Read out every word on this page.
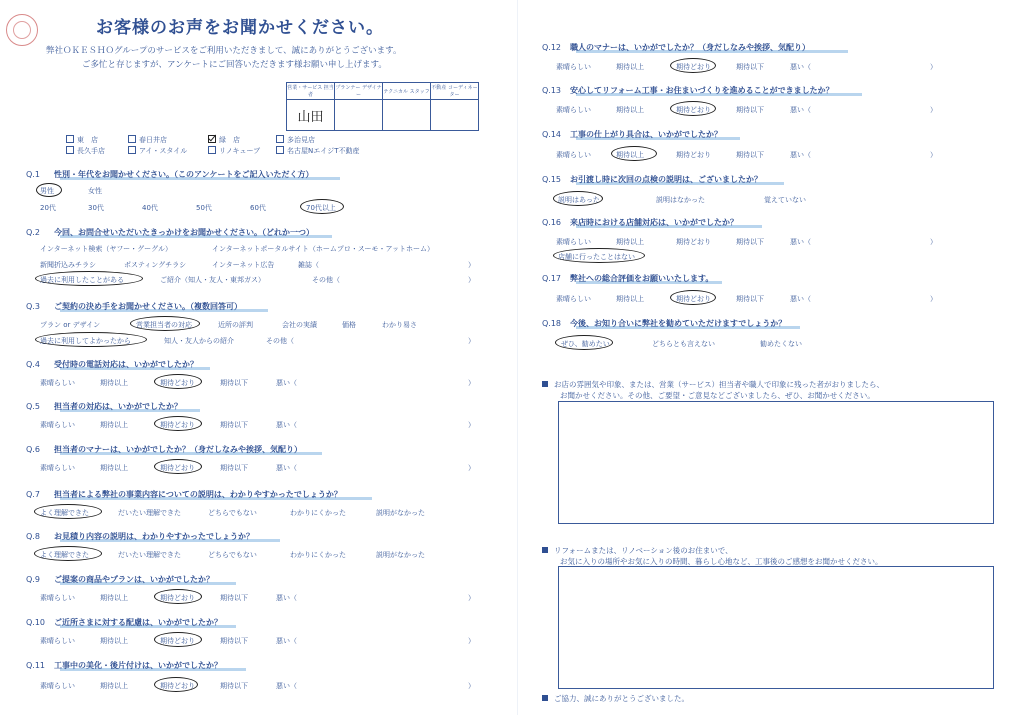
お客様のお声をお聞かせください。
弊社ＯＫＥＳＨＯグループのサービスをご利用いただきまして、誠にありがとうございます。
ご多忙と存じますが、アンケートにご回答いただきます様お願い申し上げます。
営業・サービス 担当者	プランナー デザイナー	テクニカル スタッフ	不動産 コーディネーター
山田			
東　店	春日井店	緑　店	多治見店
長久手店	アイ・スタイル	リノキューブ	名古屋NエイジT不動産
Q.1 性別・年代をお聞かせください。（このアンケートをご記入いただく方）
男性	女性
20代	30代	40代	50代	60代	70代以上
Q.2 今回、お問合せいただいたきっかけをお聞かせください。（どれか一つ）
インターネット検索（ヤフー・グーグル）	インターネットポータルサイト（ホームプロ・スーモ・アットホーム）
新聞折込みチラシ	ポスティングチラシ	インターネット広告	雑誌（	）
過去に利用したことがある	ご紹介（知人・友人・東邦ガス）	その他（	）
Q.3 ご契約の決め手をお聞かせください。（複数回答可）
プラン or デザイン	営業担当者の対応	近所の評判	会社の実績	価格	わかり易さ
過去に利用してよかったから	知人・友人からの紹介	その他（	）
Q.4 受付時の電話対応は、いかがでしたか？
素晴らしい	期待以上	期待どおり	期待以下	悪い（	）
Q.5 担当者の対応は、いかがでしたか？
素晴らしい	期待以上	期待どおり	期待以下	悪い（	）
Q.6 担当者のマナーは、いかがでしたか？（身だしなみや挨拶、気配り）
素晴らしい	期待以上	期待どおり	期待以下	悪い（	）
Q.7 担当者による弊社の事業内容についての説明は、わかりやすかったでしょうか？
よく理解できた	だいたい理解できた	どちらでもない	わかりにくかった	説明がなかった
Q.8 お見積り内容の説明は、わかりやすかったでしょうか？
よく理解できた	だいたい理解できた	どちらでもない	わかりにくかった	説明がなかった
Q.9 ご提案の商品やプランは、いかがでしたか？
素晴らしい	期待以上	期待どおり	期待以下	悪い（	）
Q.10 ご近所さまに対する配慮は、いかがでしたか？
素晴らしい	期待以上	期待どおり	期待以下	悪い（	）
Q.11 工事中の美化・後片付けは、いかがでしたか？
素晴らしい	期待以上	期待どおり	期待以下	悪い（	）
Q.12 職人のマナーは、いかがでしたか？（身だしなみや挨拶、気配り）
素晴らしい	期待以上	期待どおり	期待以下	悪い（	）
Q.13 安心してリフォーム工事・お住まいづくりを進めることができましたか？
素晴らしい	期待以上	期待どおり	期待以下	悪い（	）
Q.14 工事の仕上がり具合は、いかがでしたか？
素晴らしい	期待以上	期待どおり	期待以下	悪い（	）
Q.15 お引渡し時に次回の点検の説明は、ございましたか？
説明はあった	説明はなかった	覚えていない
Q.16 来店時における店舗対応は、いかがでしたか？
素晴らしい	期待以上	期待どおり	期待以下	悪い（	）
店舗に行ったことはない
Q.17 弊社への総合評価をお願いいたします。
素晴らしい	期待以上	期待どおり	期待以下	悪い（	）
Q.18 今後、お知り合いに弊社を勧めていただけますでしょうか？
ぜひ、勧めたい	どちらとも言えない	勧めたくない
お店の雰囲気や印象、または、営業（サービス）担当者や職人で印象に残った者がおりましたら、
お聞かせください。その他、ご要望・ご意見などございましたら、ぜひ、お聞かせください。
リフォームまたは、リノベーション後のお住まいで、
お気に入りの場所やお気に入りの時間、暮らし心地など、工事後のご感想をお聞かせください。
ご協力、誠にありがとうございました。
